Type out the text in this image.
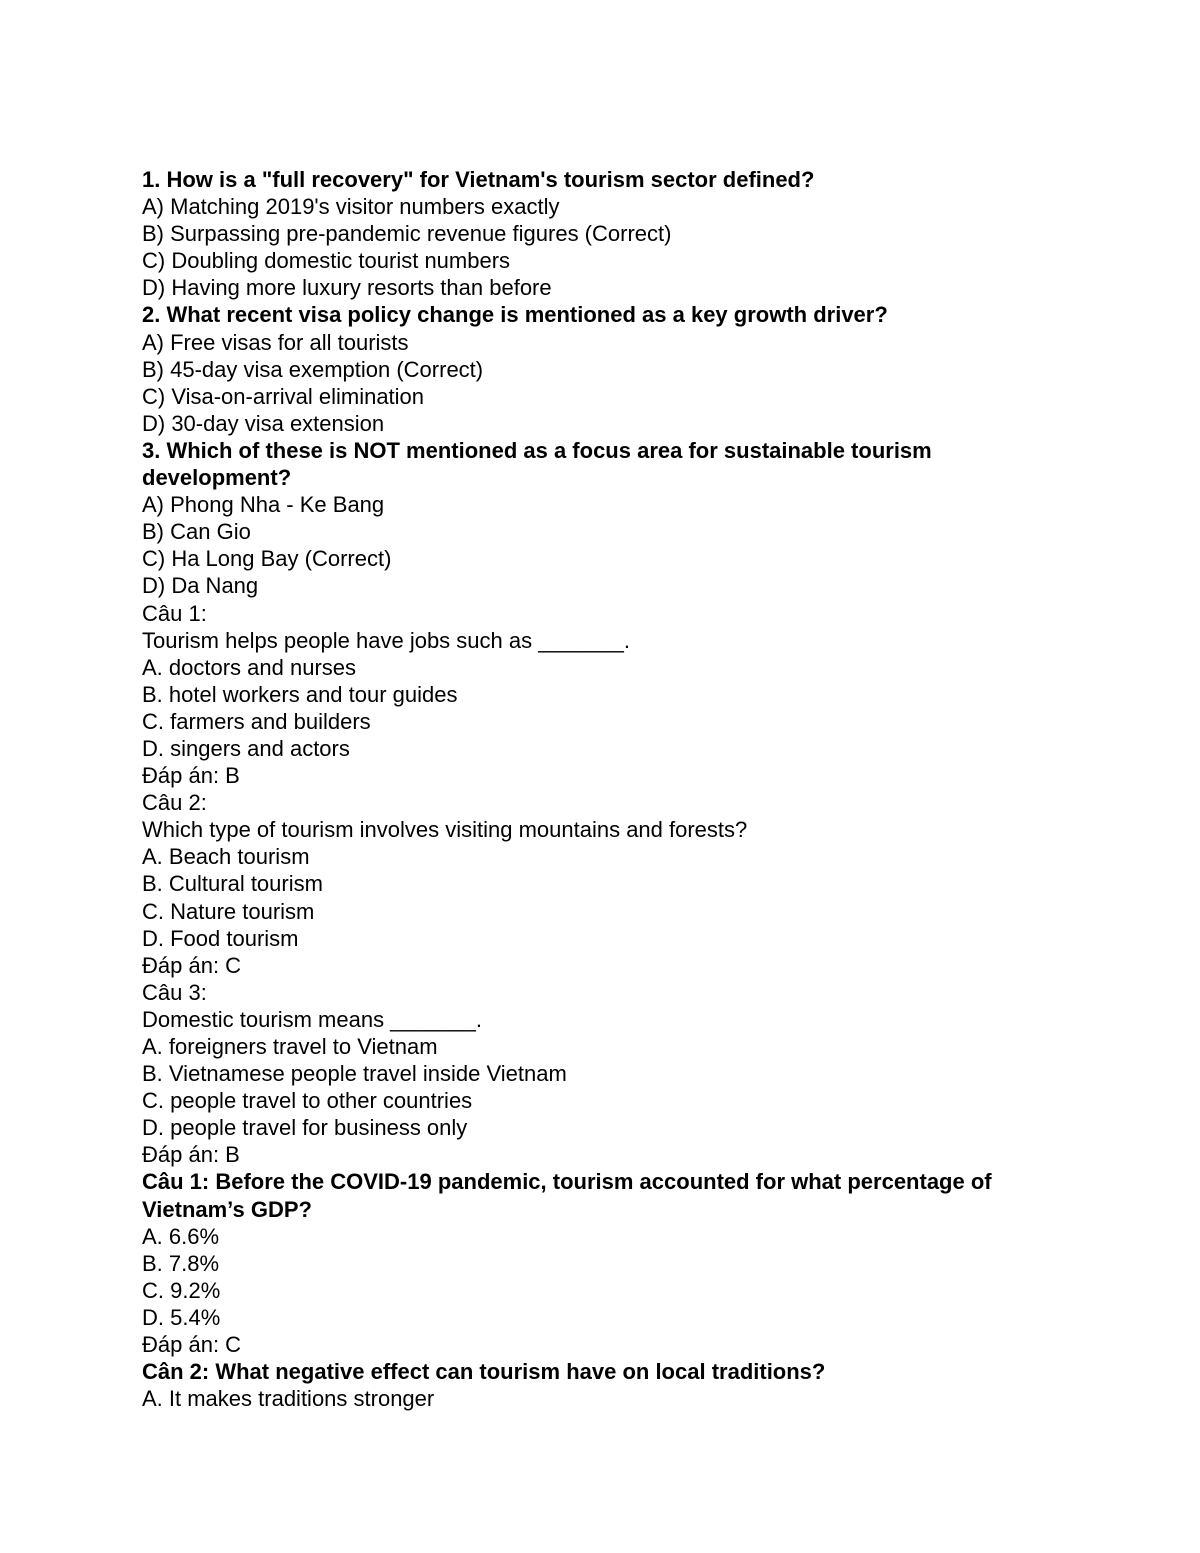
1. How is a "full recovery" for Vietnam's tourism sector defined?

A) Matching 2019's visitor numbers exactly

B) Surpassing pre-pandemic revenue figures (Correct)

C) Doubling domestic tourist numbers

D) Having more luxury resorts than before

2. What recent visa policy change is mentioned as a key growth driver?

A) Free visas for all tourists

B) 45-day visa exemption (Correct)

C) Visa-on-arrival elimination

D) 30-day visa extension

3. Which of these is NOT mentioned as a focus area for sustainable tourism development?

A) Phong Nha - Ke Bang

B) Can Gio

C) Ha Long Bay (Correct)

D) Da Nang

Câu 1:

Tourism helps people have jobs such as _______.

A. doctors and nurses

B. hotel workers and tour guides

C. farmers and builders

D. singers and actors

Đáp án: B

Câu 2:

Which type of tourism involves visiting mountains and forests?

A. Beach tourism

B. Cultural tourism

C. Nature tourism

D. Food tourism

Đáp án: C

Câu 3:

Domestic tourism means _______.

A. foreigners travel to Vietnam

B. Vietnamese people travel inside Vietnam

C. people travel to other countries

D. people travel for business only

Đáp án: B

Câu 1: Before the COVID-19 pandemic, tourism accounted for what percentage of Vietnam’s GDP?

A. 6.6%

B. 7.8%

C. 9.2%

D. 5.4%

Đáp án: C

Cân 2: What negative effect can tourism have on local traditions?

A. It makes traditions stronger
